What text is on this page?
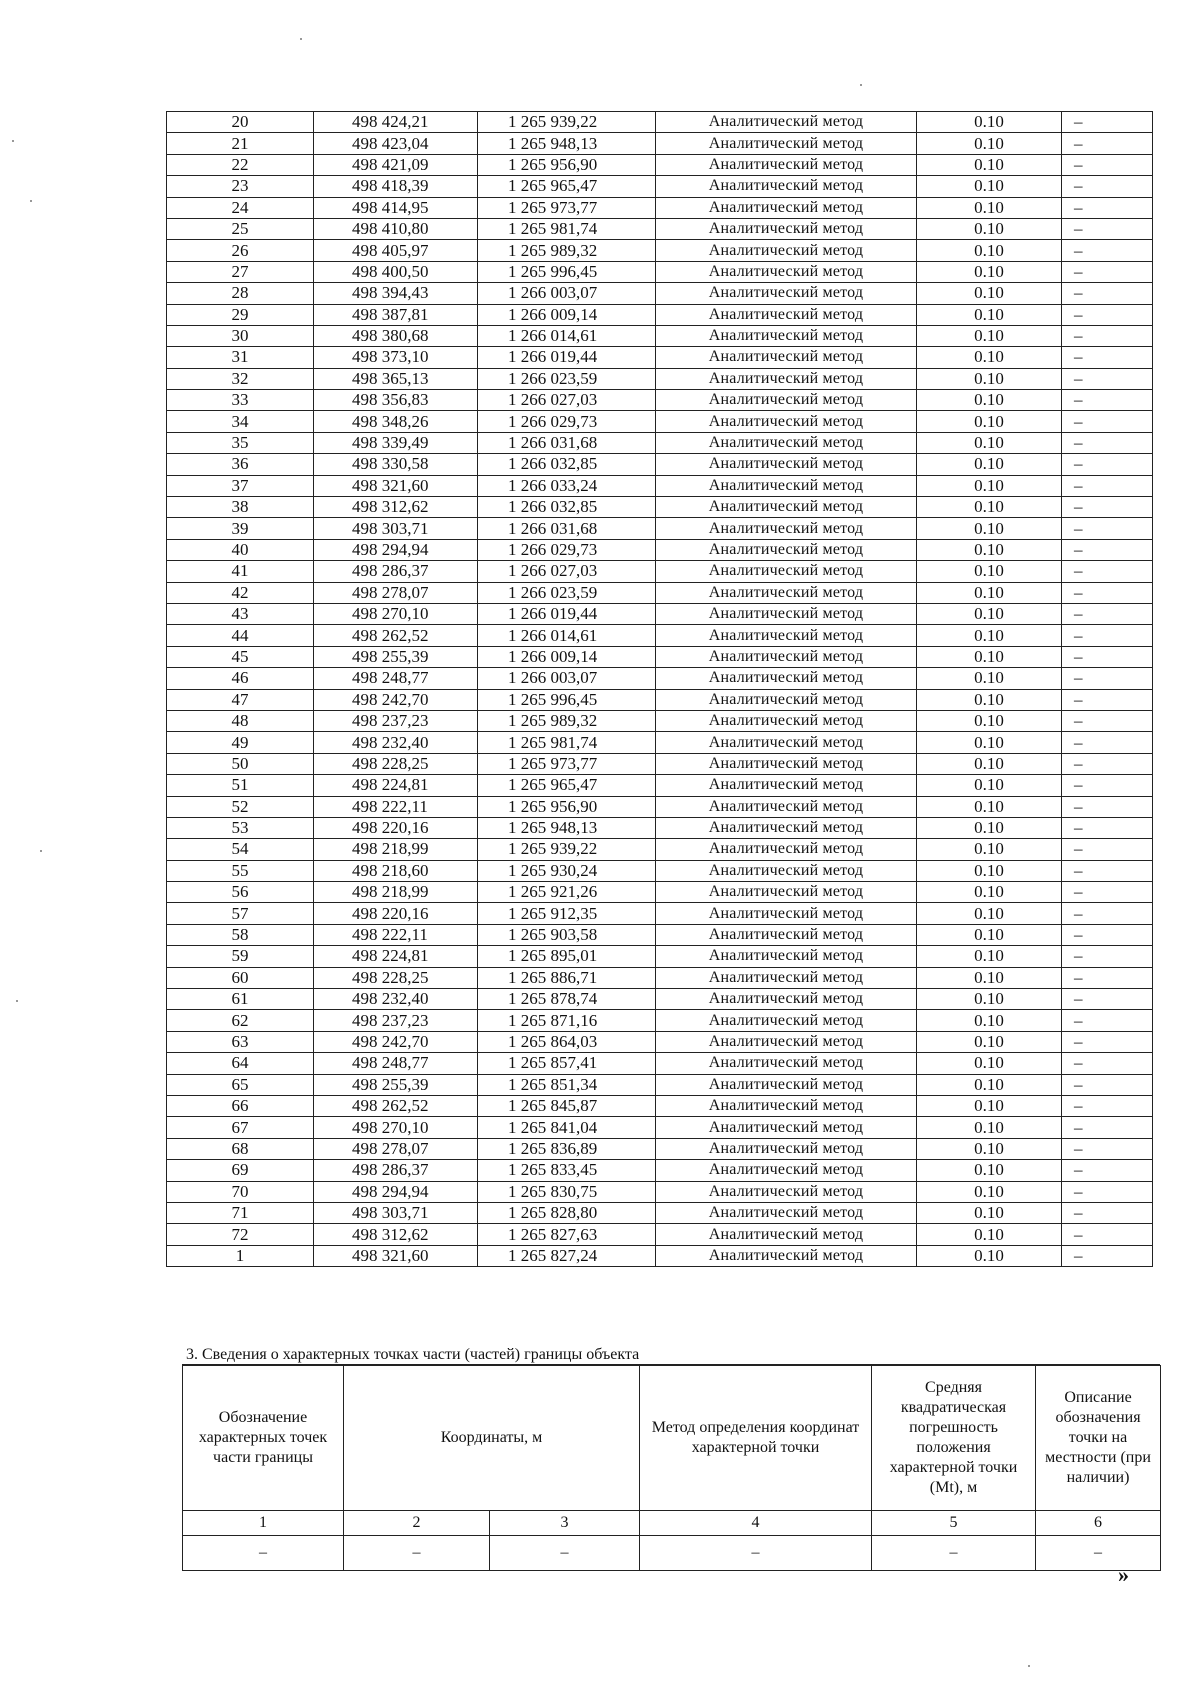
20	498 424,21	1 265 939,22	Аналитический метод	0.10	–
21	498 423,04	1 265 948,13	Аналитический метод	0.10	–
22	498 421,09	1 265 956,90	Аналитический метод	0.10	–
23	498 418,39	1 265 965,47	Аналитический метод	0.10	–
24	498 414,95	1 265 973,77	Аналитический метод	0.10	–
25	498 410,80	1 265 981,74	Аналитический метод	0.10	–
26	498 405,97	1 265 989,32	Аналитический метод	0.10	–
27	498 400,50	1 265 996,45	Аналитический метод	0.10	–
28	498 394,43	1 266 003,07	Аналитический метод	0.10	–
29	498 387,81	1 266 009,14	Аналитический метод	0.10	–
30	498 380,68	1 266 014,61	Аналитический метод	0.10	–
31	498 373,10	1 266 019,44	Аналитический метод	0.10	–
32	498 365,13	1 266 023,59	Аналитический метод	0.10	–
33	498 356,83	1 266 027,03	Аналитический метод	0.10	–
34	498 348,26	1 266 029,73	Аналитический метод	0.10	–
35	498 339,49	1 266 031,68	Аналитический метод	0.10	–
36	498 330,58	1 266 032,85	Аналитический метод	0.10	–
37	498 321,60	1 266 033,24	Аналитический метод	0.10	–
38	498 312,62	1 266 032,85	Аналитический метод	0.10	–
39	498 303,71	1 266 031,68	Аналитический метод	0.10	–
40	498 294,94	1 266 029,73	Аналитический метод	0.10	–
41	498 286,37	1 266 027,03	Аналитический метод	0.10	–
42	498 278,07	1 266 023,59	Аналитический метод	0.10	–
43	498 270,10	1 266 019,44	Аналитический метод	0.10	–
44	498 262,52	1 266 014,61	Аналитический метод	0.10	–
45	498 255,39	1 266 009,14	Аналитический метод	0.10	–
46	498 248,77	1 266 003,07	Аналитический метод	0.10	–
47	498 242,70	1 265 996,45	Аналитический метод	0.10	–
48	498 237,23	1 265 989,32	Аналитический метод	0.10	–
49	498 232,40	1 265 981,74	Аналитический метод	0.10	–
50	498 228,25	1 265 973,77	Аналитический метод	0.10	–
51	498 224,81	1 265 965,47	Аналитический метод	0.10	–
52	498 222,11	1 265 956,90	Аналитический метод	0.10	–
53	498 220,16	1 265 948,13	Аналитический метод	0.10	–
54	498 218,99	1 265 939,22	Аналитический метод	0.10	–
55	498 218,60	1 265 930,24	Аналитический метод	0.10	–
56	498 218,99	1 265 921,26	Аналитический метод	0.10	–
57	498 220,16	1 265 912,35	Аналитический метод	0.10	–
58	498 222,11	1 265 903,58	Аналитический метод	0.10	–
59	498 224,81	1 265 895,01	Аналитический метод	0.10	–
60	498 228,25	1 265 886,71	Аналитический метод	0.10	–
61	498 232,40	1 265 878,74	Аналитический метод	0.10	–
62	498 237,23	1 265 871,16	Аналитический метод	0.10	–
63	498 242,70	1 265 864,03	Аналитический метод	0.10	–
64	498 248,77	1 265 857,41	Аналитический метод	0.10	–
65	498 255,39	1 265 851,34	Аналитический метод	0.10	–
66	498 262,52	1 265 845,87	Аналитический метод	0.10	–
67	498 270,10	1 265 841,04	Аналитический метод	0.10	–
68	498 278,07	1 265 836,89	Аналитический метод	0.10	–
69	498 286,37	1 265 833,45	Аналитический метод	0.10	–
70	498 294,94	1 265 830,75	Аналитический метод	0.10	–
71	498 303,71	1 265 828,80	Аналитический метод	0.10	–
72	498 312,62	1 265 827,63	Аналитический метод	0.10	–
1	498 321,60	1 265 827,24	Аналитический метод	0.10	–
3. Сведения о характерных точках части (частей) границы объекта
Обозначение характерных точек части границы	Координаты, м		Метод определения координат характерной точки	Средняя квадратическая погрешность положения характерной точки (Мt), м	Описание обозначения точки на местности (при наличии)
1	2	3	4	5	6
–	–	–	–	–	–
»
